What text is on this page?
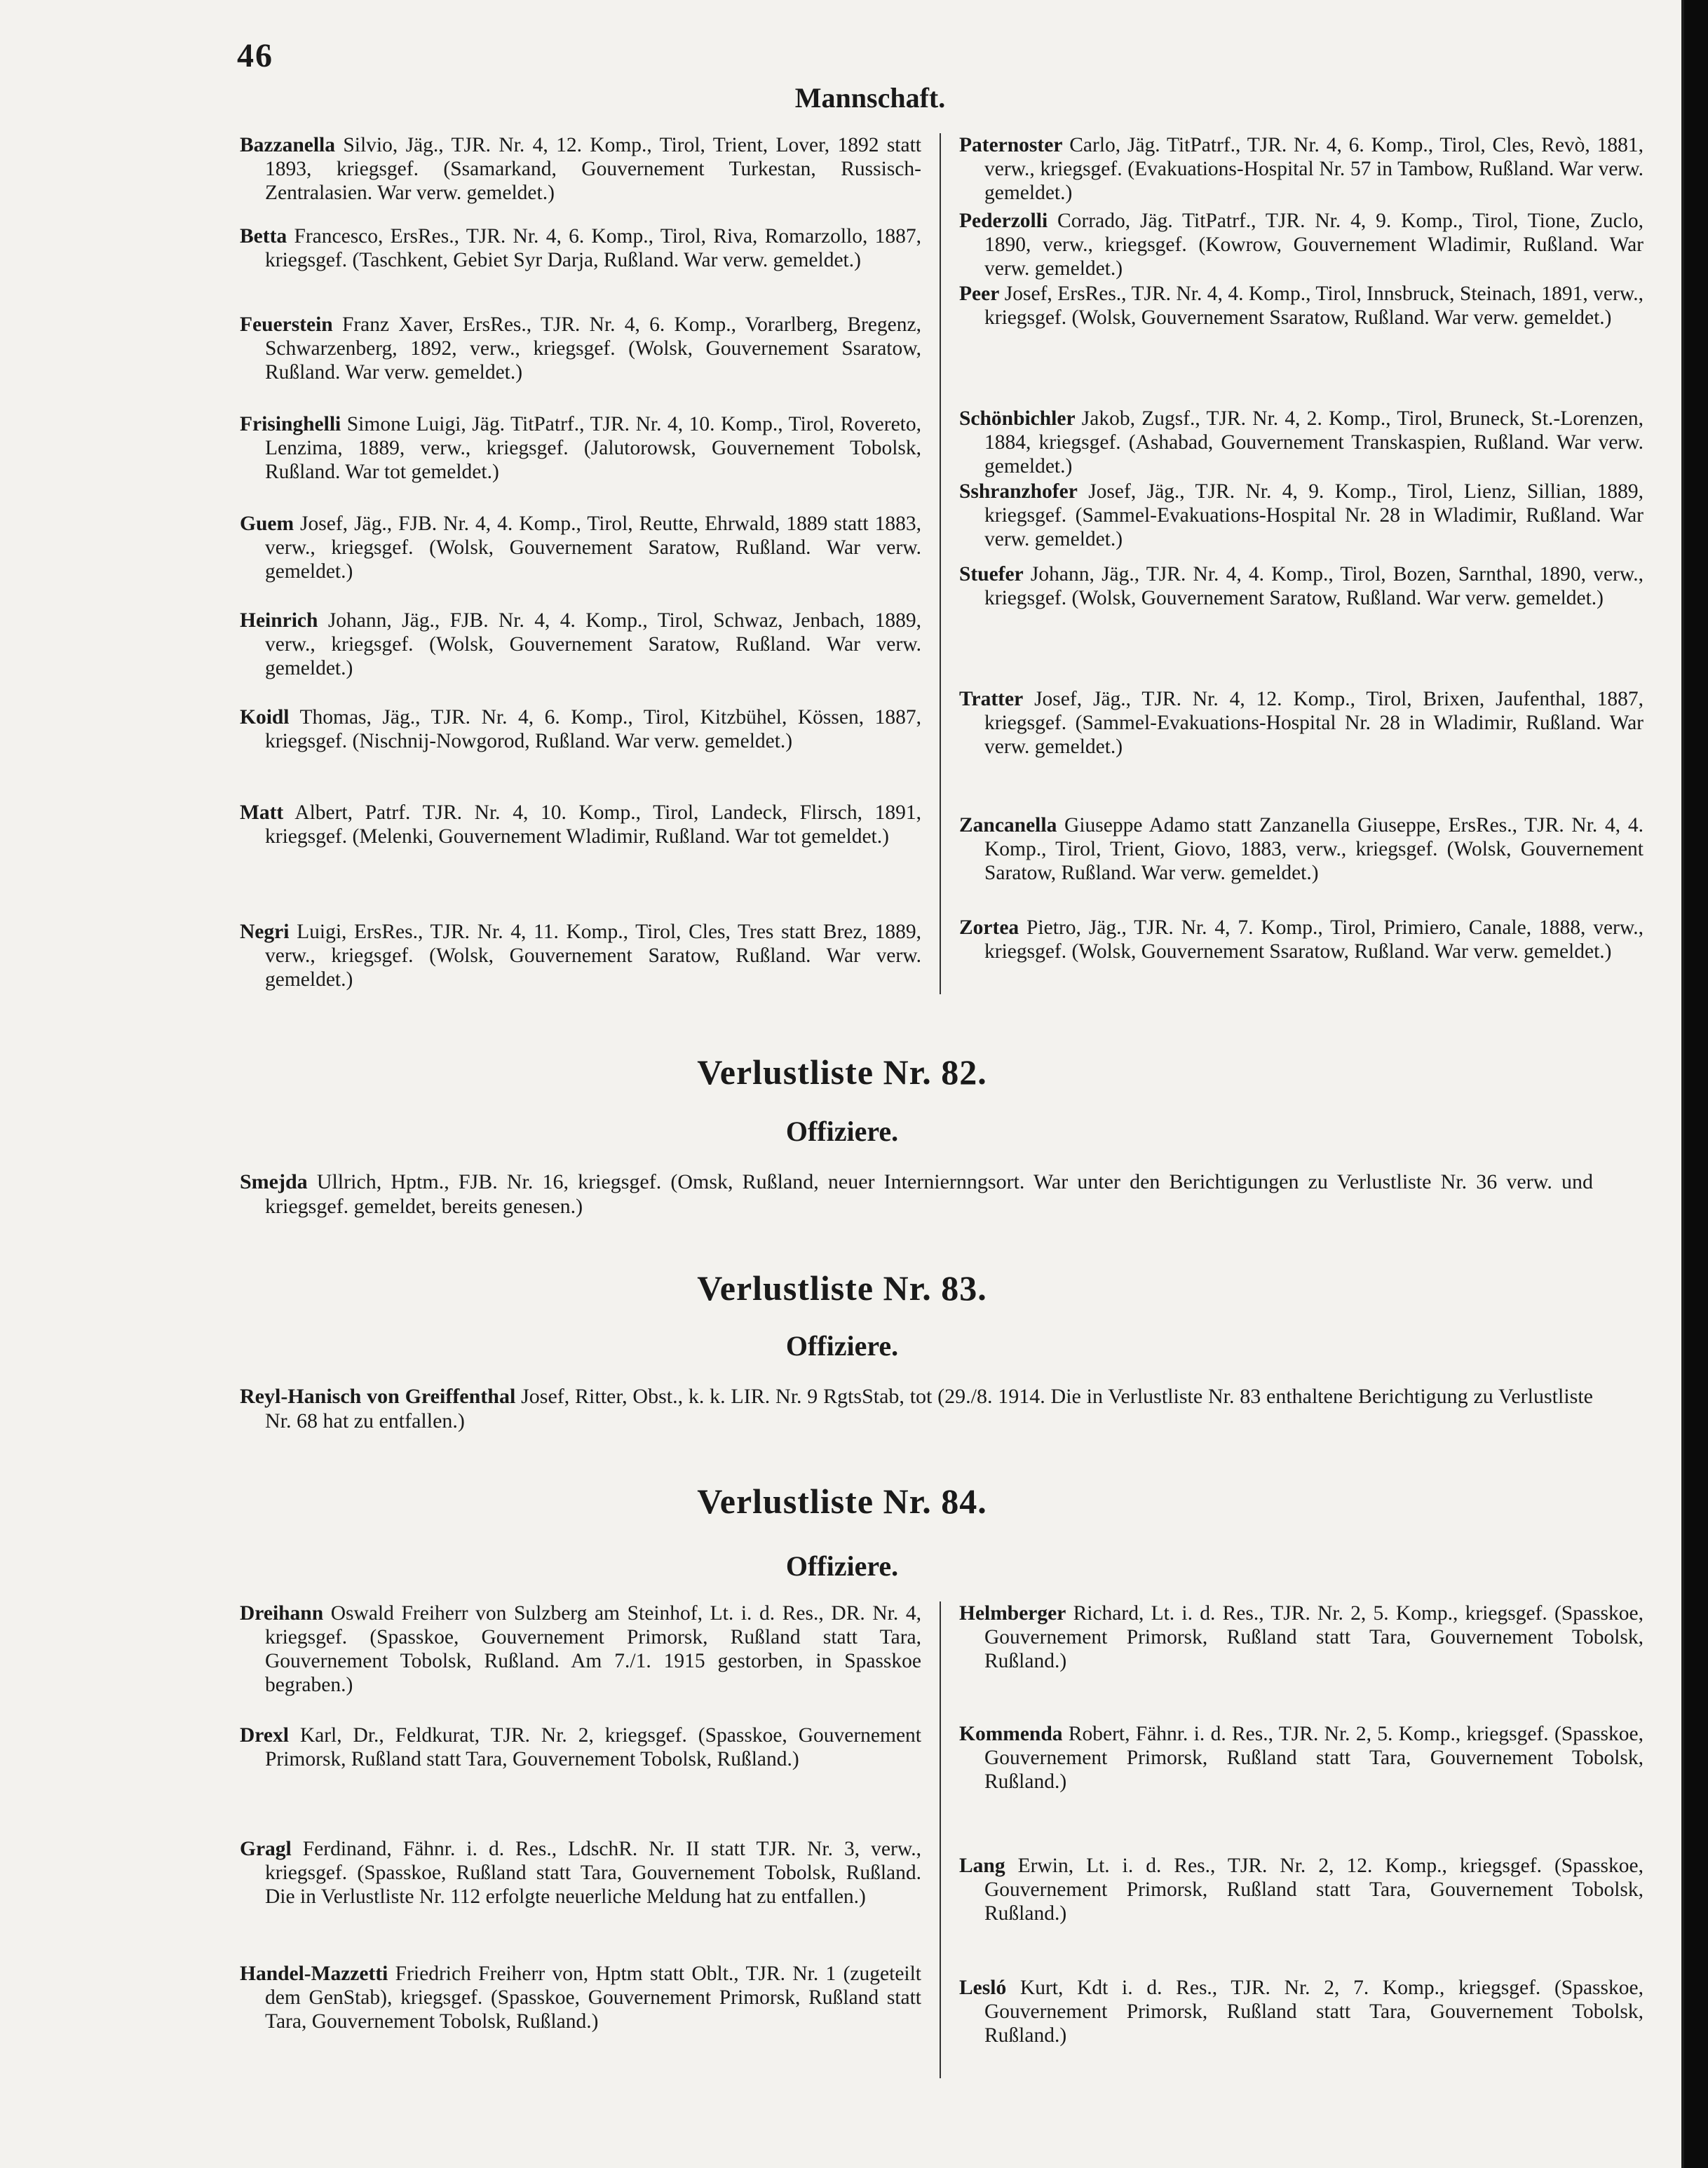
46
Mannschaft.
Bazzanella Silvio, Jäg., TJR. Nr. 4, 12. Komp., Tirol, Trient, Lover, 1892 statt 1893, kriegsgef. (Ssamarkand, Gouvernement Turkestan, Russisch-Zentralasien. War verw. gemeldet.)
Betta Francesco, ErsRes., TJR. Nr. 4, 6. Komp., Tirol, Riva, Romarzollo, 1887, kriegsgef. (Taschkent, Gebiet Syr Darja, Rußland. War verw. gemeldet.)
Feuerstein Franz Xaver, ErsRes., TJR. Nr. 4, 6. Komp., Vorarlberg, Bregenz, Schwarzenberg, 1892, verw., kriegsgef. (Wolsk, Gouvernement Ssaratow, Rußland. War verw. gemeldet.)
Frisinghelli Simone Luigi, Jäg. TitPatrf., TJR. Nr. 4, 10. Komp., Tirol, Rovereto, Lenzima, 1889, verw., kriegsgef. (Jalutorowsk, Gouvernement Tobolsk, Rußland. War tot gemeldet.)
Guem Josef, Jäg., FJB. Nr. 4, 4. Komp., Tirol, Reutte, Ehrwald, 1889 statt 1883, verw., kriegsgef. (Wolsk, Gouvernement Saratow, Rußland. War verw. gemeldet.)
Heinrich Johann, Jäg., FJB. Nr. 4, 4. Komp., Tirol, Schwaz, Jenbach, 1889, verw., kriegsgef. (Wolsk, Gouvernement Saratow, Rußland. War verw. gemeldet.)
Koidl Thomas, Jäg., TJR. Nr. 4, 6. Komp., Tirol, Kitzbühel, Kössen, 1887, kriegsgef. (Nischnij-Nowgorod, Rußland. War verw. gemeldet.)
Matt Albert, Patrf. TJR. Nr. 4, 10. Komp., Tirol, Landeck, Flirsch, 1891, kriegsgef. (Melenki, Gouvernement Wladimir, Rußland. War tot gemeldet.)
Negri Luigi, ErsRes., TJR. Nr. 4, 11. Komp., Tirol, Cles, Tres statt Brez, 1889, verw., kriegsgef. (Wolsk, Gouvernement Saratow, Rußland. War verw. gemeldet.)
Paternoster Carlo, Jäg. TitPatrf., TJR. Nr. 4, 6. Komp., Tirol, Cles, Revò, 1881, verw., kriegsgef. (Evakuations-Hospital Nr. 57 in Tambow, Rußland. War verw. gemeldet.)
Pederzolli Corrado, Jäg. TitPatrf., TJR. Nr. 4, 9. Komp., Tirol, Tione, Zuclo, 1890, verw., kriegsgef. (Kowrow, Gouvernement Wladimir, Rußland. War verw. gemeldet.)
Peer Josef, ErsRes., TJR. Nr. 4, 4. Komp., Tirol, Innsbruck, Steinach, 1891, verw., kriegsgef. (Wolsk, Gouvernement Ssaratow, Rußland. War verw. gemeldet.)
Schönbichler Jakob, Zugsf., TJR. Nr. 4, 2. Komp., Tirol, Bruneck, St.-Lorenzen, 1884, kriegsgef. (Ashabad, Gouvernement Transkaspien, Rußland. War verw. gemeldet.)
Sshranzhofer Josef, Jäg., TJR. Nr. 4, 9. Komp., Tirol, Lienz, Sillian, 1889, kriegsgef. (Sammel-Evakuations-Hospital Nr. 28 in Wladimir, Rußland. War verw. gemeldet.)
Stuefer Johann, Jäg., TJR. Nr. 4, 4. Komp., Tirol, Bozen, Sarnthal, 1890, verw., kriegsgef. (Wolsk, Gouvernement Saratow, Rußland. War verw. gemeldet.)
Tratter Josef, Jäg., TJR. Nr. 4, 12. Komp., Tirol, Brixen, Jaufenthal, 1887, kriegsgef. (Sammel-Evakuations-Hospital Nr. 28 in Wladimir, Rußland. War verw. gemeldet.)
Zancanella Giuseppe Adamo statt Zanzanella Giuseppe, ErsRes., TJR. Nr. 4, 4. Komp., Tirol, Trient, Giovo, 1883, verw., kriegsgef. (Wolsk, Gouvernement Saratow, Rußland. War verw. gemeldet.)
Zortea Pietro, Jäg., TJR. Nr. 4, 7. Komp., Tirol, Primiero, Canale, 1888, verw., kriegsgef. (Wolsk, Gouvernement Ssaratow, Rußland. War verw. gemeldet.)
Verlustliste Nr. 82.
Offiziere.
Smejda Ullrich, Hptm., FJB. Nr. 16, kriegsgef. (Omsk, Rußland, neuer Interniernngsort. War unter den Berichtigungen zu Verlustliste Nr. 36 verw. und kriegsgef. gemeldet, bereits genesen.)
Verlustliste Nr. 83.
Offiziere.
Reyl-Hanisch von Greiffenthal Josef, Ritter, Obst., k. k. LIR. Nr. 9 RgtsStab, tot (29./8. 1914. Die in Verlustliste Nr. 83 enthaltene Berichtigung zu Verlustliste Nr. 68 hat zu entfallen.)
Verlustliste Nr. 84.
Offiziere.
Dreihann Oswald Freiherr von Sulzberg am Steinhof, Lt. i. d. Res., DR. Nr. 4, kriegsgef. (Spasskoe, Gouvernement Primorsk, Rußland statt Tara, Gouvernement Tobolsk, Rußland. Am 7./1. 1915 gestorben, in Spasskoe begraben.)
Drexl Karl, Dr., Feldkurat, TJR. Nr. 2, kriegsgef. (Spasskoe, Gouvernement Primorsk, Rußland statt Tara, Gouvernement Tobolsk, Rußland.)
Gragl Ferdinand, Fähnr. i. d. Res., LdschR. Nr. II statt TJR. Nr. 3, verw., kriegsgef. (Spasskoe, Rußland statt Tara, Gouvernement Tobolsk, Rußland. Die in Verlustliste Nr. 112 erfolgte neuerliche Meldung hat zu entfallen.)
Handel-Mazzetti Friedrich Freiherr von, Hptm statt Oblt., TJR. Nr. 1 (zugeteilt dem GenStab), kriegsgef. (Spasskoe, Gouvernement Primorsk, Rußland statt Tara, Gouvernement Tobolsk, Rußland.)
Helmberger Richard, Lt. i. d. Res., TJR. Nr. 2, 5. Komp., kriegsgef. (Spasskoe, Gouvernement Primorsk, Rußland statt Tara, Gouvernement Tobolsk, Rußland.)
Kommenda Robert, Fähnr. i. d. Res., TJR. Nr. 2, 5. Komp., kriegsgef. (Spasskoe, Gouvernement Primorsk, Rußland statt Tara, Gouvernement Tobolsk, Rußland.)
Lang Erwin, Lt. i. d. Res., TJR. Nr. 2, 12. Komp., kriegsgef. (Spasskoe, Gouvernement Primorsk, Rußland statt Tara, Gouvernement Tobolsk, Rußland.)
Lesló Kurt, Kdt i. d. Res., TJR. Nr. 2, 7. Komp., kriegsgef. (Spasskoe, Gouvernement Primorsk, Rußland statt Tara, Gouvernement Tobolsk, Rußland.)
